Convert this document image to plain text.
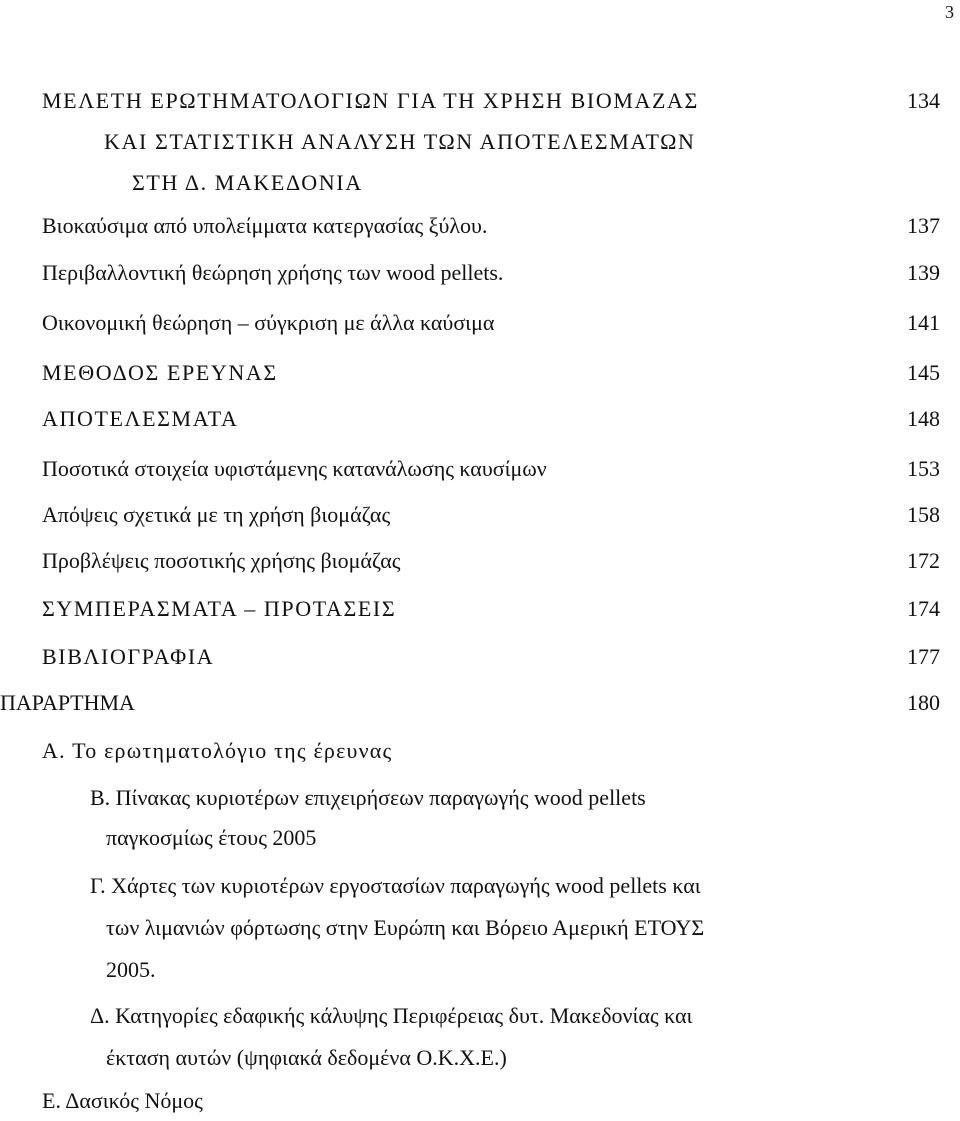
3
ΜΕΛΕΤΗ ΕΡΩΤΗΜΑΤΟΛΟΓΙΩΝ ΓΙΑ ΤΗ ΧΡΗΣΗ ΒΙΟΜΑΖΑΣ
ΚΑΙ ΣΤΑΤΙΣΤΙΚΗ ΑΝΑΛΥΣΗ ΤΩΝ ΑΠΟΤΕΛΕΣΜΑΤΩΝ
ΣΤΗ Δ. ΜΑΚΕΔΟΝΙΑ
134
Βιοκαύσιμα από υπολείμματα κατεργασίας ξύλου.	137
Περιβαλλοντική θεώρηση χρήσης των wood pellets.	139
Οικονομική θεώρηση – σύγκριση με άλλα καύσιμα	141
ΜΕΘΟΔΟΣ ΕΡΕΥΝΑΣ	145
ΑΠΟΤΕΛΕΣΜΑΤΑ	148
Ποσοτικά στοιχεία υφιστάμενης κατανάλωσης καυσίμων	153
Απόψεις σχετικά με τη χρήση βιομάζας	158
Προβλέψεις ποσοτικής χρήσης βιομάζας	172
ΣΥΜΠΕΡΑΣΜΑΤΑ – ΠΡΟΤΑΣΕΙΣ	174
ΒΙΒΛΙΟΓΡΑΦΙΑ	177
ΠΑΡΑΡΤΗΜΑ	180
Α. Το ερωτηματολόγιο της έρευνας
Β. Πίνακας κυριοτέρων επιχειρήσεων παραγωγής wood pellets
παγκοσμίως έτους 2005
Γ. Χάρτες των κυριοτέρων εργοστασίων παραγωγής wood pellets και
των λιμανιών φόρτωσης στην Ευρώπη και Βόρειο Αμερική ΕΤΟΥΣ
2005.
Δ. Κατηγορίες εδαφικής κάλυψης Περιφέρειας δυτ. Μακεδονίας και
έκταση αυτών (ψηφιακά δεδομένα Ο.Κ.Χ.Ε.)
Ε. Δασικός Νόμος
